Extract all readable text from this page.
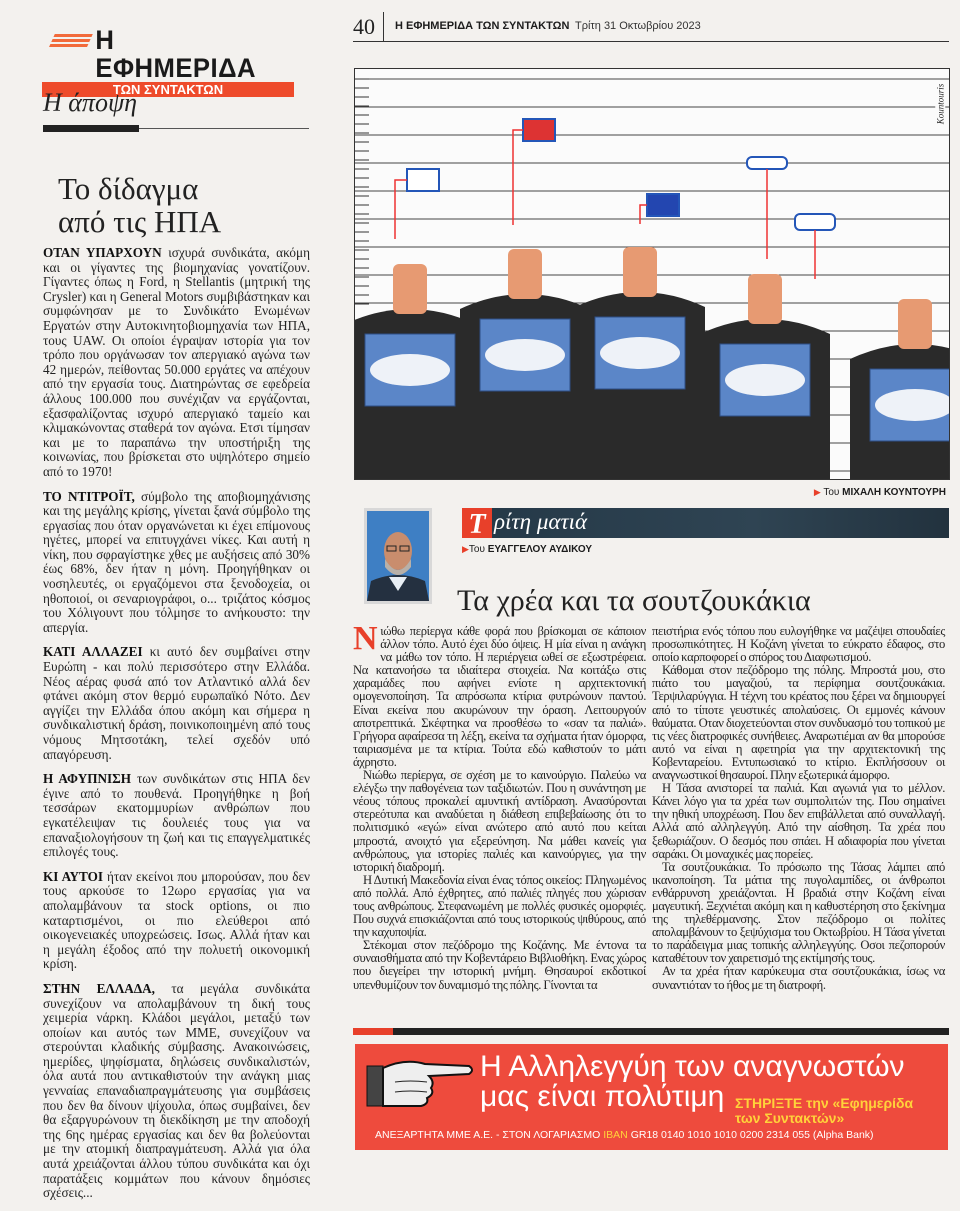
Η ΕΦΗΜΕΡΙΔΑ
ΤΩΝ ΣΥΝΤΑΚΤΩΝ
Η άποψη
Το δίδαγμα
από τις ΗΠΑ

ΟΤΑΝ ΥΠΑΡΧΟΥΝ ισχυρά συνδικάτα, ακόμη και οι γίγαντες της βιομηχανίας γονατίζουν. Γίγαντες όπως η Ford, η Stellantis (μητρική της Crysler) και η General Motors συμβιβάστηκαν και συμφώνησαν με το Συνδικάτο Ενωμένων Εργατών στην Αυτοκινητοβιομηχανία των ΗΠΑ, τους UAW. Οι οποίοι έγραψαν ιστορία για τον τρόπο που οργάνωσαν τον απεργιακό αγώνα των 42 ημερών, πείθοντας 50.000 εργάτες να απέχουν από την εργασία τους. Διατηρώντας σε εφεδρεία άλλους 100.000 που συνέχιζαν να εργάζονται, εξασφαλίζοντας ισχυρό απεργιακό ταμείο και κλιμακώνοντας σταθερά τον αγώνα. Ετσι τίμησαν και με το παραπάνω την υποστήριξη της κοινωνίας, που βρίσκεται στο υψηλότερο σημείο από το 1970!

ΤΟ ΝΤΙΤΡΟΪΤ, σύμβολο της αποβιομηχάνισης και της μεγάλης κρίσης, γίνεται ξανά σύμβολο της εργασίας που όταν οργανώνεται κι έχει επίμονους ηγέτες, μπορεί να επιτυγχάνει νίκες. Και αυτή η νίκη, που σφραγίστηκε χθες με αυξήσεις από 30% έως 68%, δεν ήταν η μόνη. Προηγήθηκαν οι νοσηλευτές, οι εργαζόμενοι στα ξενοδοχεία, οι ηθοποιοί, οι σεναριογράφοι, ο... τριζάτος κόσμος του Χόλιγουντ που τόλμησε το ανήκουστο: την απεργία.

ΚΑΤΙ ΑΛΛΑΖΕΙ κι αυτό δεν συμβαίνει στην Ευρώπη - και πολύ περισσότερο στην Ελλάδα. Νέος αέρας φυσά από τον Ατλαντικό αλλά δεν φτάνει ακόμη στον θερμό ευρωπαϊκό Νότο. Δεν αγγίζει την Ελλάδα όπου ακόμη και σήμερα η συνδικαλιστική δράση, ποινικοποιημένη από τους νόμους Μητσοτάκη, τελεί σχεδόν υπό απαγόρευση.

Η ΑΦΥΠΝΙΣΗ των συνδικάτων στις ΗΠΑ δεν έγινε από το πουθενά. Προηγήθηκε η βοή τεσσάρων εκατομμυρίων ανθρώπων που εγκατέλειψαν τις δουλειές τους για να επαναξιολογήσουν τη ζωή και τις επαγγελματικές επιλογές τους.

ΚΙ ΑΥΤΟΙ ήταν εκείνοι που μπορούσαν, που δεν τους αρκούσε το 12ωρο εργασίας για να απολαμβάνουν τα stock options, οι πιο καταρτισμένοι, οι πιο ελεύθεροι από οικογενειακές υποχρεώσεις. Ισως. Αλλά ήταν και η μεγάλη έξοδος από την πολυετή οικονομική κρίση.

ΣΤΗΝ ΕΛΛΑΔΑ, τα μεγάλα συνδικάτα συνεχίζουν να απολαμβάνουν τη δική τους χειμερία νάρκη. Κλάδοι μεγάλοι, μεταξύ των οποίων και αυτός των ΜΜΕ, συνεχίζουν να στερούνται κλαδικής σύμβασης. Ανακοινώσεις, ημερίδες, ψηφίσματα, δηλώσεις συνδικαλιστών, όλα αυτά που αντικαθιστούν την ανάγκη μιας γενναίας επαναδιαπραγμάτευσης για συμβάσεις που δεν θα δίνουν ψίχουλα, όπως συμβαίνει, δεν θα εξαργυρώνουν τη διεκδίκηση με την αποδοχή της 6ης ημέρας εργασίας και δεν θα βολεύονται με την ατομική διαπραγμάτευση. Αλλά για όλα αυτά χρειάζονται άλλου τύπου συνδικάτα και όχι παρατάξεις κομμάτων που κάνουν δημόσιες σχέσεις...

40 Η ΕΦΗΜΕΡΙΔΑ ΤΩΝ ΣΥΝΤΑΚΤΩΝ Τρίτη 31 Οκτωβρίου 2023
Kountouris
▶ Του ΜΙΧΑΛΗ ΚΟΥΝΤΟΥΡΗ
Τ ρίτη ματιά
▶Του ΕΥΑΓΓΕΛΟΥ ΑΥΔΙΚΟΥ
Τα χρέα και τα σουτζουκάκια

Νιώθω περίεργα κάθε φορά που βρίσκομαι σε κάποιον άλλον τόπο. Αυτό έχει δύο όψεις. Η μία είναι η ανάγκη να μάθω τον τόπο. Η περιέργεια ωθεί σε εξωστρέφεια. Να κατανοήσω τα ιδιαίτερα στοιχεία. Να κοιτάξω στις χαραμάδες που αφήνει ενίοτε η αρχιτεκτονική ομογενοποίηση. Τα απρόσωπα κτίρια φυτρώνουν παντού. Είναι εκείνα που ακυρώνουν την όραση. Λειτουργούν αποτρεπτικά. Σκέφτηκα να προσθέσω το «σαν τα παλιά». Γρήγορα αφαίρεσα τη λέξη, εκείνα τα σχήματα ήταν όμορφα, ταιριασμένα με τα κτίρια. Τούτα εδώ καθιστούν το μάτι άχρηστο.

Νιώθω περίεργα, σε σχέση με το καινούργιο. Παλεύω να ελέγξω την παθογένεια των ταξιδιωτών. Που η συνάντηση με νέους τόπους προκαλεί αμυντική αντίδραση. Ανασύρονται στερεότυπα και αναδύεται η διάθεση επιβεβαίωσης ότι το πολιτισμικό «εγώ» είναι ανώτερο από αυτό που κείται μπροστά, ανοιχτό για εξερεύνηση. Να μάθει κανείς για ανθρώπους, για ιστορίες παλιές και καινούργιες, για την ιστορική διαδρομή.

Η Δυτική Μακεδονία είναι ένας τόπος οικείος: Πληγωμένος από πολλά. Από έχθρητες, από παλιές πληγές που χώρισαν τους ανθρώπους. Στεφανωμένη με πολλές φυσικές ομορφιές. Που συχνά επισκιάζονται από τους ιστορικούς ψιθύρους, από την καχυποψία.

Στέκομαι στον πεζόδρομο της Κοζάνης. Με έντονα τα συναισθήματα από την Κοβεντάρειο Βιβλιοθήκη. Ενας χώρος που διεγείρει την ιστορική μνήμη. Θησαυροί εκδοτικοί υπενθυμίζουν τον δυναμισμό της πόλης. Γίνονται τα

πειστήρια ενός τόπου που ευλογήθηκε να μαζέψει σπουδαίες προσωπικότητες. Η Κοζάνη γίνεται το εύκρατο έδαφος, στο οποίο καρποφορεί ο σπόρος του Διαφωτισμού.

Κάθομαι στον πεζόδρομο της πόλης. Μπροστά μου, στο πιάτο του μαγαζιού, τα περίφημα σουτζουκάκια. Τερψιλαρύγγια. Η τέχνη του κρέατος που ξέρει να δημιουργεί από το τίποτε γευστικές απολαύσεις. Οι εμμονές κάνουν θαύματα. Οταν διοχετεύονται στον συνδυασμό του τοπικού με τις νέες διατροφικές συνήθειες. Αναρωτιέμαι αν θα μπορούσε αυτό να είναι η αφετηρία για την αρχιτεκτονική της Κοβενταρείου. Εντυπωσιακό το κτίριο. Εκπλήσσουν οι αναγνωστικοί θησαυροί. Πλην εξωτερικά άμορφο.

Η Τάσα ανιστορεί τα παλιά. Και αγωνιά για το μέλλον. Κάνει λόγο για τα χρέα των συμπολιτών της. Που σημαίνει την ηθική υποχρέωση. Που δεν επιβάλλεται από συναλλαγή. Αλλά από αλληλεγγύη. Από την αίσθηση. Τα χρέα που ξεθωριάζουν. Ο δεσμός που σπάει. Η αδιαφορία που γίνεται σαράκι. Οι μοναχικές μας πορείες.

Τα σουτζουκάκια. Το πρόσωπο της Τάσας λάμπει από ικανοποίηση. Τα μάτια της πυγολαμπίδες, οι άνθρωποι ενθάρρυνση χρειάζονται. Η βραδιά στην Κοζάνη είναι μαγευτική. Ξεχνιέται ακόμη και η καθυστέρηση στο ξεκίνημα της τηλεθέρμανσης. Στον πεζόδρομο οι πολίτες απολαμβάνουν το ξεψύχισμα του Οκτωβρίου. Η Τάσα γίνεται το παράδειγμα μιας τοπικής αλληλεγγύης. Οσοι πεζοπορούν καταθέτουν τον χαιρετισμό της εκτίμησής τους.

Αν τα χρέα ήταν καρύκευμα στα σουτζουκάκια, ίσως να συναντιόταν το ήθος με τη διατροφή.

Η Αλληλεγγύη των αναγνωστών
μας είναι πολύτιμη ΣΤΗΡΙΞΤΕ την «Εφημερίδα των Συντακτών»
ΑΝΕΞΑΡΤΗΤΑ ΜΜΕ Α.Ε. - ΣΤΟΝ ΛΟΓΑΡΙΑΣΜΟ IBAN GR18 0140 1010 1010 0200 2314 055 (Alpha Bank)
